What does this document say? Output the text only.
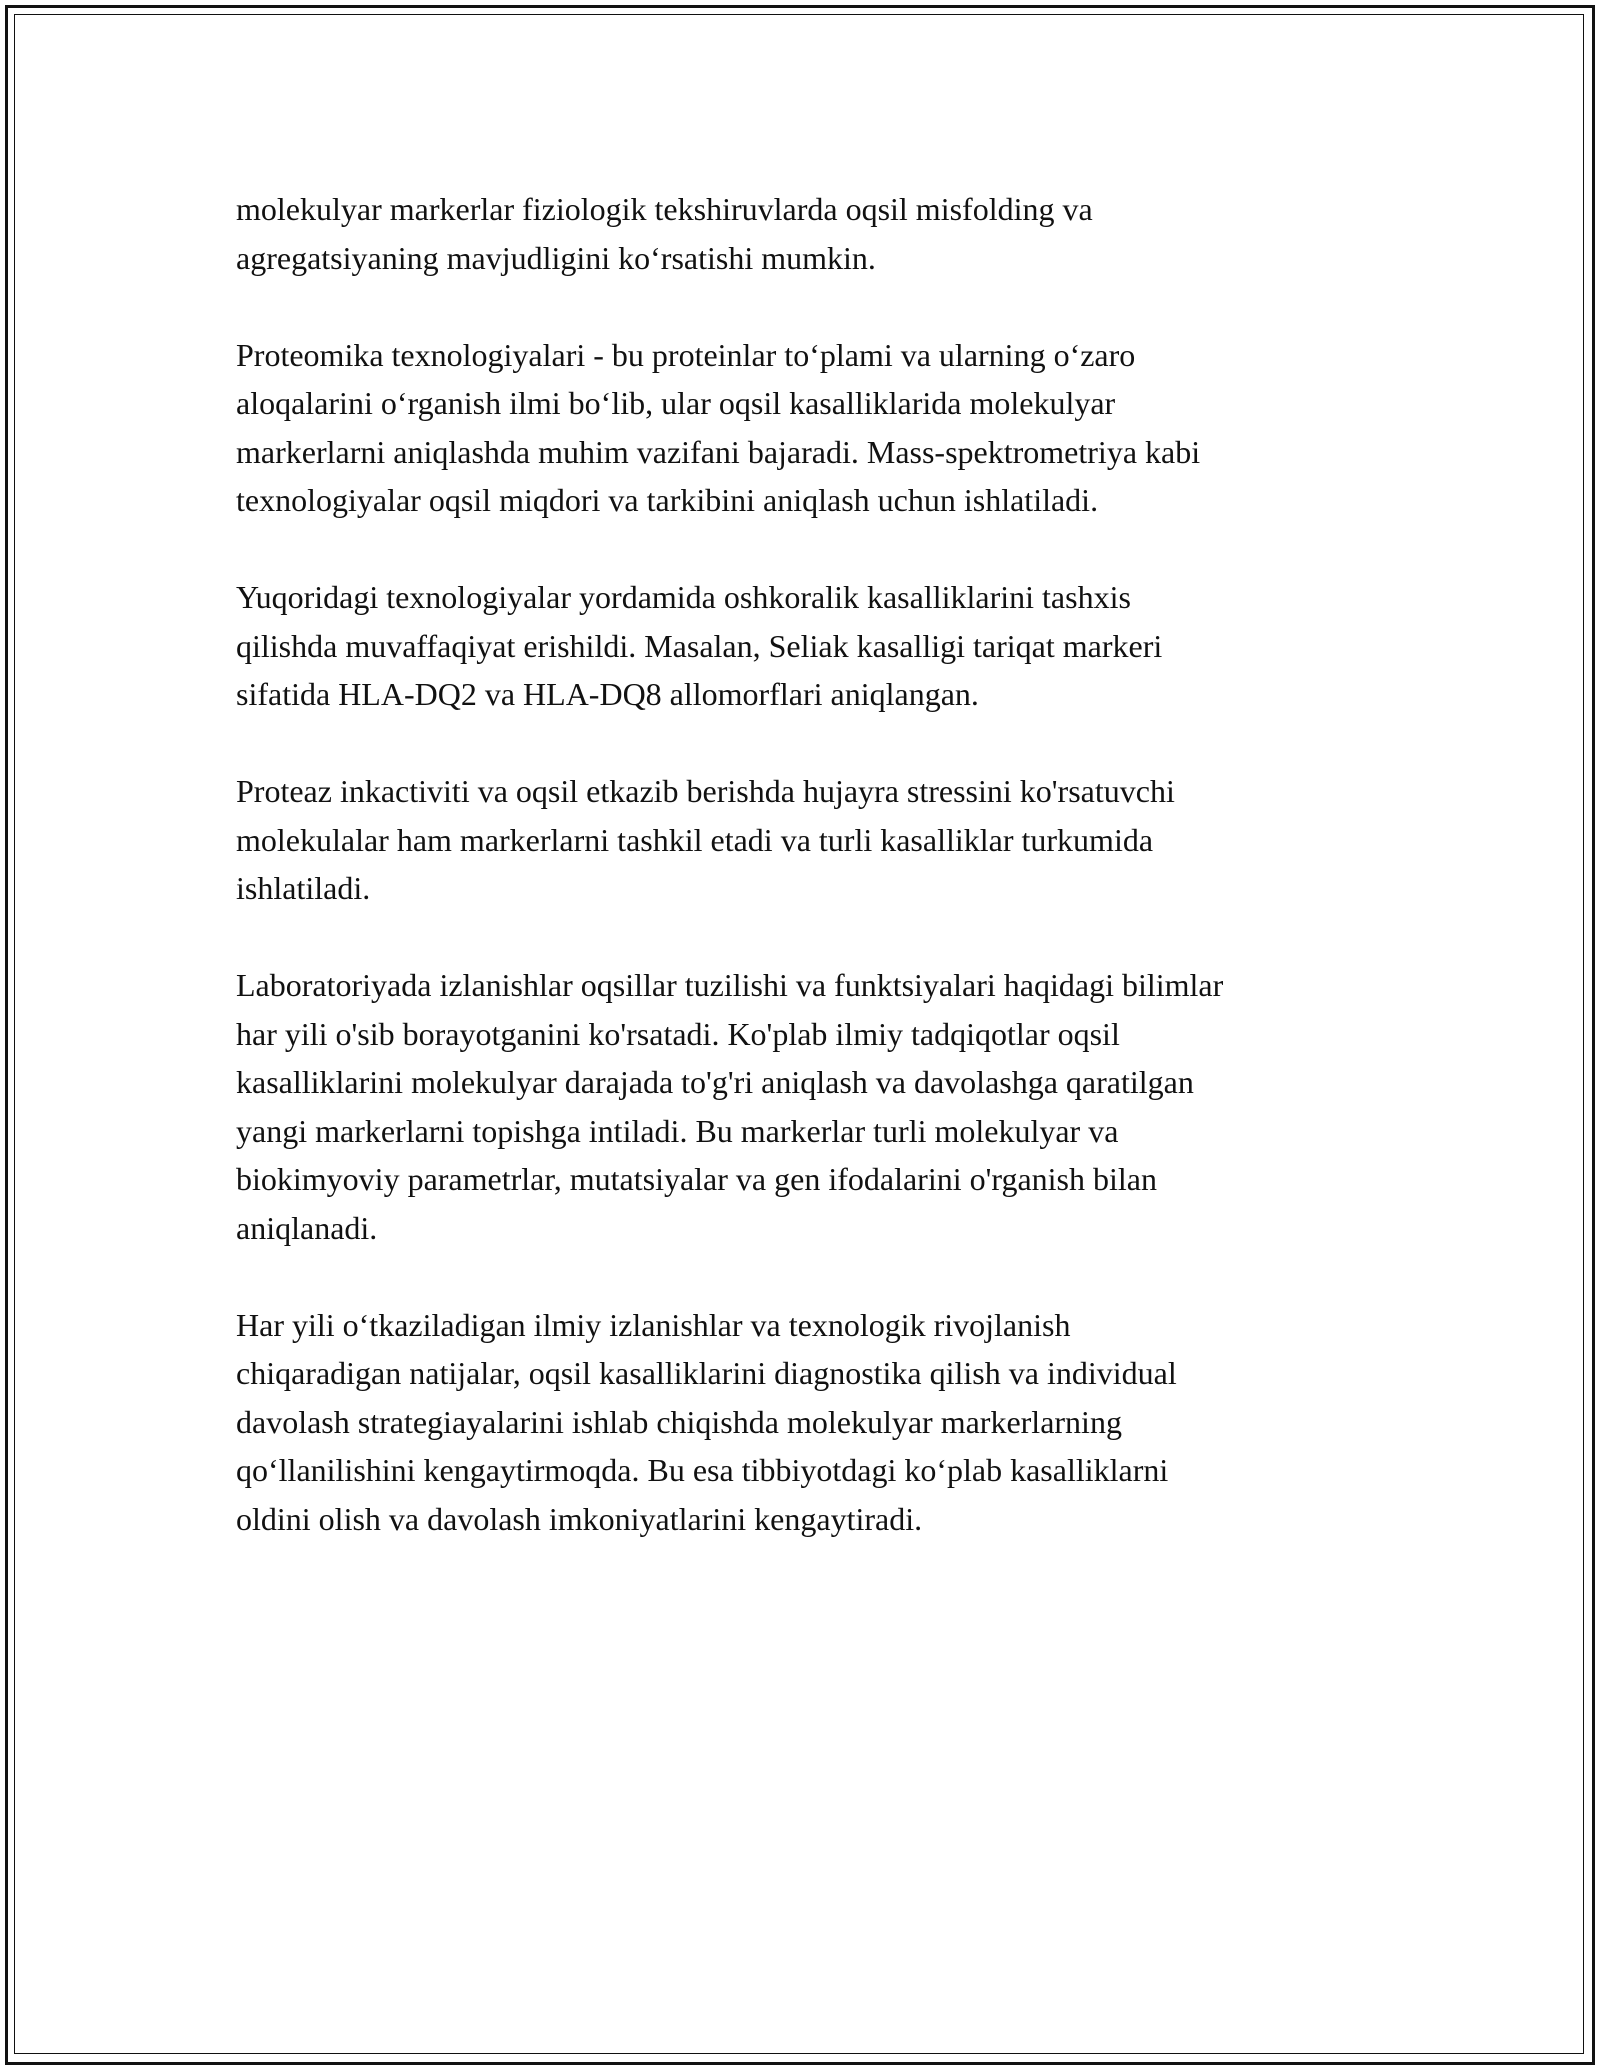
molekulyar markerlar fiziologik tekshiruvlarda oqsil misfolding va
agregatsiyaning mavjudligini koʻrsatishi mumkin.

Proteomika texnologiyalari - bu proteinlar toʻplami va ularning oʻzaro
aloqalarini oʻrganish ilmi boʻlib, ular oqsil kasalliklarida molekulyar
markerlarni aniqlashda muhim vazifani bajaradi. Mass-spektrometriya kabi
texnologiyalar oqsil miqdori va tarkibini aniqlash uchun ishlatiladi.

Yuqoridagi texnologiyalar yordamida oshkoralik kasalliklarini tashxis
qilishda muvaffaqiyat erishildi. Masalan, Seliak kasalligi tariqat markeri
sifatida HLA-DQ2 va HLA-DQ8 allomorflari aniqlangan.

Proteaz inkactiviti va oqsil etkazib berishda hujayra stressini ko'rsatuvchi
molekulalar ham markerlarni tashkil etadi va turli kasalliklar turkumida
ishlatiladi.

Laboratoriyada izlanishlar oqsillar tuzilishi va funktsiyalari haqidagi bilimlar
har yili o'sib borayotganini ko'rsatadi. Ko'plab ilmiy tadqiqotlar oqsil
kasalliklarini molekulyar darajada to'g'ri aniqlash va davolashga qaratilgan
yangi markerlarni topishga intiladi. Bu markerlar turli molekulyar va
biokimyoviy parametrlar, mutatsiyalar va gen ifodalarini o'rganish bilan
aniqlanadi.

Har yili oʻtkaziladigan ilmiy izlanishlar va texnologik rivojlanish
chiqaradigan natijalar, oqsil kasalliklarini diagnostika qilish va individual
davolash strategiayalarini ishlab chiqishda molekulyar markerlarning
qoʻllanilishini kengaytirmoqda. Bu esa tibbiyotdagi koʻplab kasalliklarni
oldini olish va davolash imkoniyatlarini kengaytiradi.
